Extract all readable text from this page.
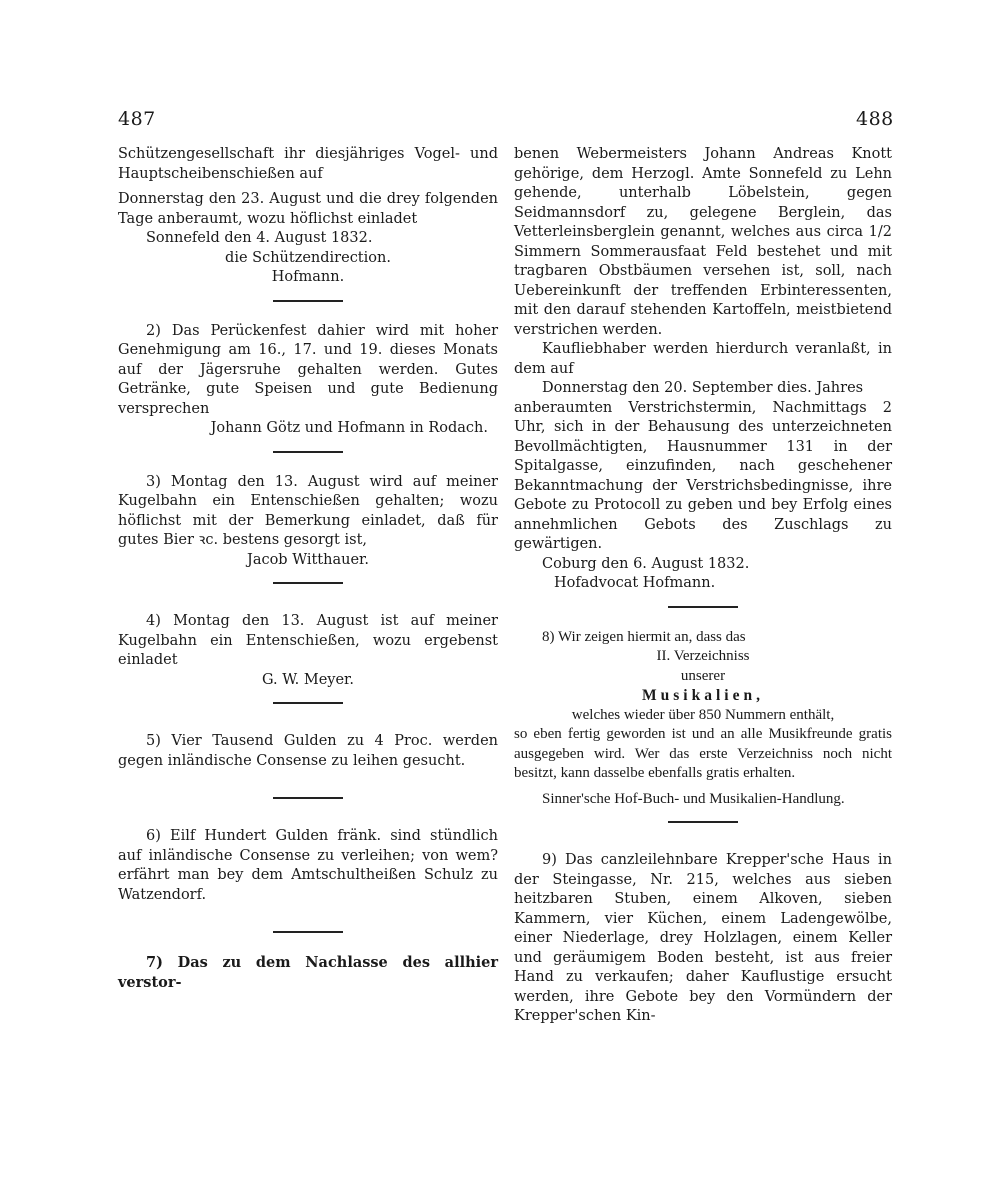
487	488

Schützengesellschaft ihr diesjähriges Vogel- und Hauptscheibenschießen auf

Donnerstag den 23. August und die drey folgenden Tage anberaumt, wozu höflichst einladet

Sonnefeld den 4. August 1832.

die Schützendirection.

Hofmann.

2) Das Perückenfest dahier wird mit hoher Genehmigung am 16., 17. und 19. dieses Monats auf der Jägersruhe gehalten werden. Gutes Getränke, gute Speisen und gute Bedienung versprechen

Johann Götz und Hofmann in Rodach.

3) Montag den 13. August wird auf meiner Kugelbahn ein Entenschießen gehalten; wozu höflichst mit der Bemerkung einladet, daß für gutes Bier ꝛc. bestens gesorgt ist,

Jacob Witthauer.

4) Montag den 13. August ist auf meiner Kugelbahn ein Entenschießen, wozu ergebenst einladet

G. W. Meyer.

5) Vier Tausend Gulden zu 4 Proc. werden gegen inländische Consense zu leihen gesucht.

6) Eilf Hundert Gulden fränk. sind stündlich auf inländische Consense zu verleihen; von wem? erfährt man bey dem Amtschultheißen Schulz zu Watzendorf.

7) Das zu dem Nachlasse des allhier verstor-

benen Webermeisters Johann Andreas Knott gehörige, dem Herzogl. Amte Sonnefeld zu Lehn gehende, unterhalb Löbelstein, gegen Seidmannsdorf zu, gelegene Berglein, das Vetterleinsberglein genannt, welches aus circa 1/2 Simmern Sommerausfaat Feld bestehet und mit tragbaren Obstbäumen versehen ist, soll, nach Uebereinkunft der treffenden Erbinteressenten, mit den darauf stehenden Kartoffeln, meistbietend verstrichen werden.

Kaufliebhaber werden hierdurch veranlaßt, in dem auf

Donnerstag den 20. September dies. Jahres

anberaumten Verstrichstermin, Nachmittags 2 Uhr, sich in der Behausung des unterzeichneten Bevollmächtigten, Hausnummer 131 in der Spitalgasse, einzufinden, nach geschehener Bekanntmachung der Verstrichsbedingnisse, ihre Gebote zu Protocoll zu geben und bey Erfolg eines annehmlichen Gebots des Zuschlags zu gewärtigen.

Coburg den 6. August 1832.

Hofadvocat Hofmann.

8) Wir zeigen hiermit an, dass das

II. Verzeichniss

unserer

Musikalien,

welches wieder über 850 Nummern enthält,

so eben fertig geworden ist und an alle Musikfreunde gratis ausgegeben wird. Wer das erste Verzeichniss noch nicht besitzt, kann dasselbe ebenfalls gratis erhalten.

Sinner'sche Hof-Buch- und Musikalien-Handlung.

9) Das canzleilehnbare Krepper'sche Haus in der Steingasse, Nr. 215, welches aus sieben heitzbaren Stuben, einem Alkoven, sieben Kammern, vier Küchen, einem Ladengewölbe, einer Niederlage, drey Holzlagen, einem Keller und geräumigem Boden besteht, ist aus freier Hand zu verkaufen; daher Kauflustige ersucht werden, ihre Gebote bey den Vormündern der Krepper'schen Kin-
